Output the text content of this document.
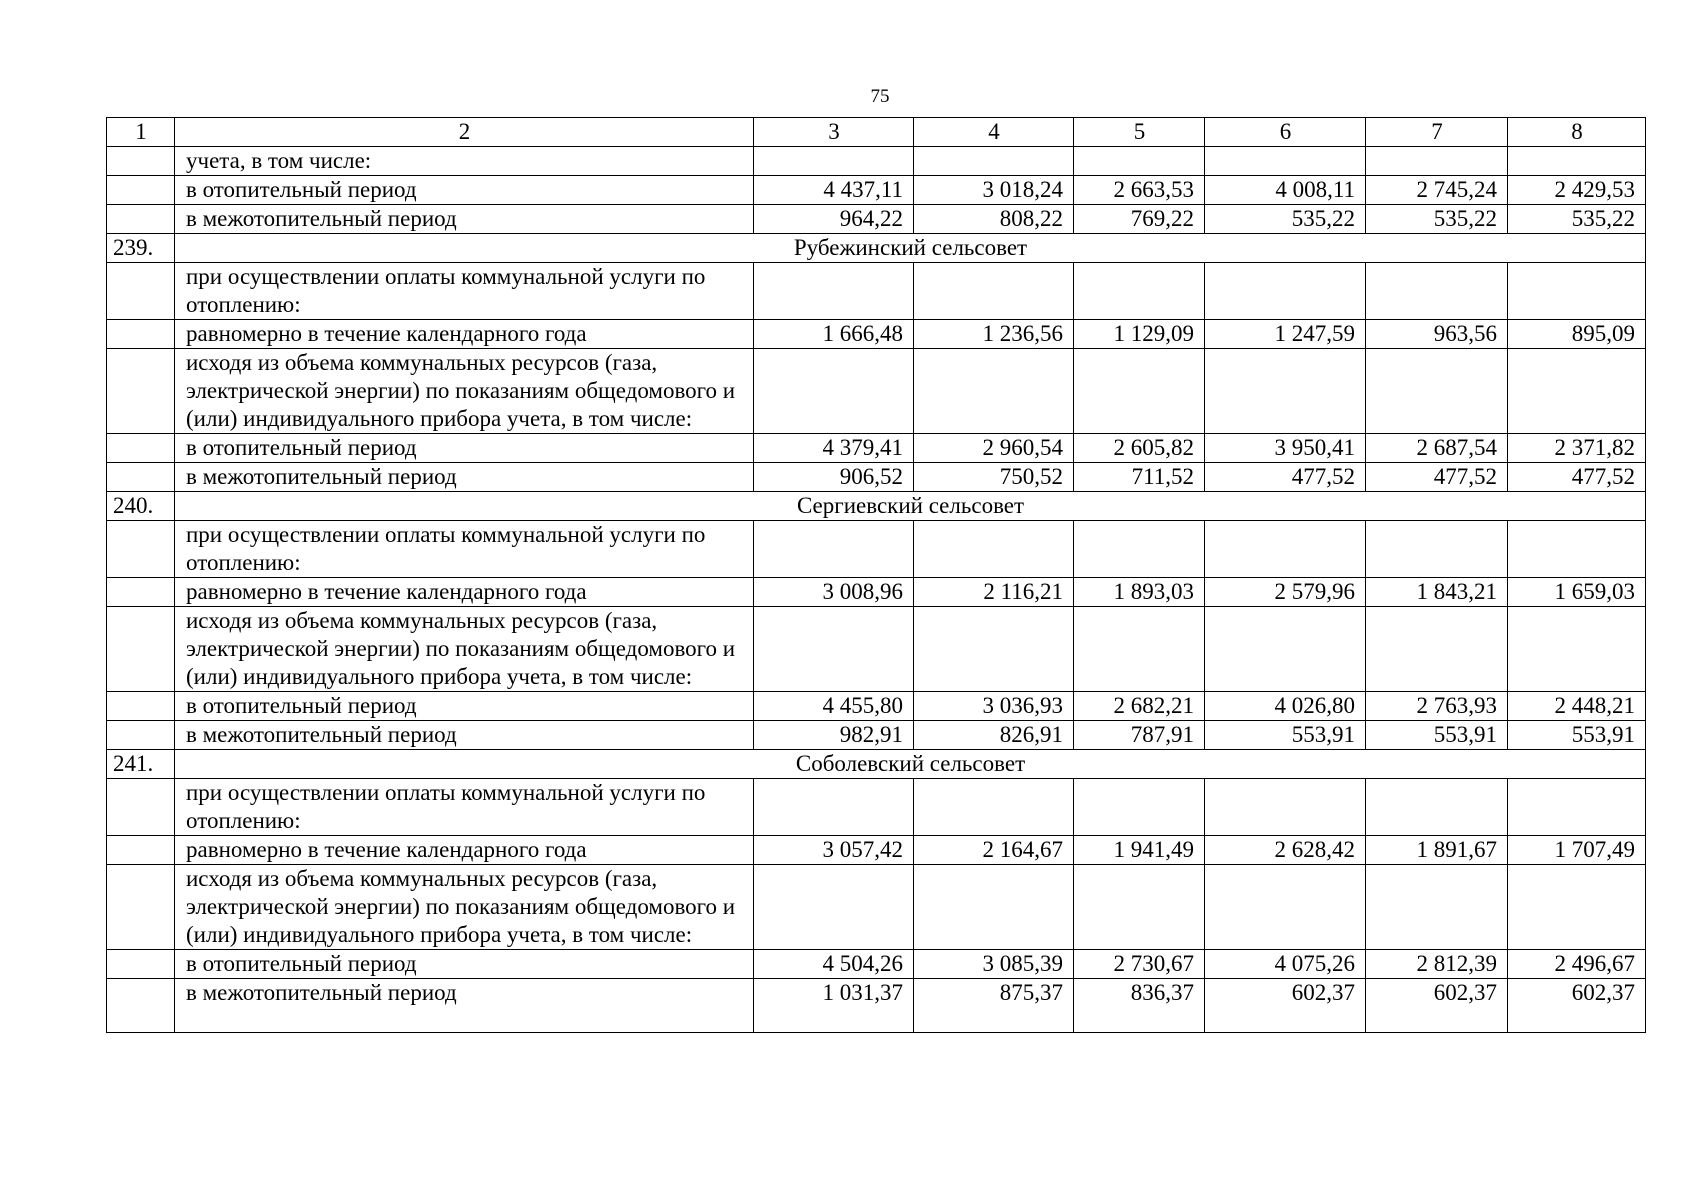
75
1	2	3	4	5	6	7	8
	учета, в том числе:						
	в отопительный период	4 437,11	3 018,24	2 663,53	4 008,11	2 745,24	2 429,53
	в межотопительный период	964,22	808,22	769,22	535,22	535,22	535,22
239.	Рубежинский сельсовет						
	при осуществлении оплаты коммунальной услуги по отоплению:						
	равномерно в течение календарного года	1 666,48	1 236,56	1 129,09	1 247,59	963,56	895,09
	исходя из объема коммунальных ресурсов (газа, электрической энергии) по показаниям общедомового и (или) индивидуального прибора учета, в том числе:						
	в отопительный период	4 379,41	2 960,54	2 605,82	3 950,41	2 687,54	2 371,82
	в межотопительный период	906,52	750,52	711,52	477,52	477,52	477,52
240.	Сергиевский сельсовет						
	при осуществлении оплаты коммунальной услуги по отоплению:						
	равномерно в течение календарного года	3 008,96	2 116,21	1 893,03	2 579,96	1 843,21	1 659,03
	исходя из объема коммунальных ресурсов (газа, электрической энергии) по показаниям общедомового и (или) индивидуального прибора учета, в том числе:						
	в отопительный период	4 455,80	3 036,93	2 682,21	4 026,80	2 763,93	2 448,21
	в межотопительный период	982,91	826,91	787,91	553,91	553,91	553,91
241.	Соболевский сельсовет						
	при осуществлении оплаты коммунальной услуги по отоплению:						
	равномерно в течение календарного года	3 057,42	2 164,67	1 941,49	2 628,42	1 891,67	1 707,49
	исходя из объема коммунальных ресурсов (газа, электрической энергии) по показаниям общедомового и (или) индивидуального прибора учета, в том числе:						
	в отопительный период	4 504,26	3 085,39	2 730,67	4 075,26	2 812,39	2 496,67
	в межотопительный период	1 031,37	875,37	836,37	602,37	602,37	602,37
